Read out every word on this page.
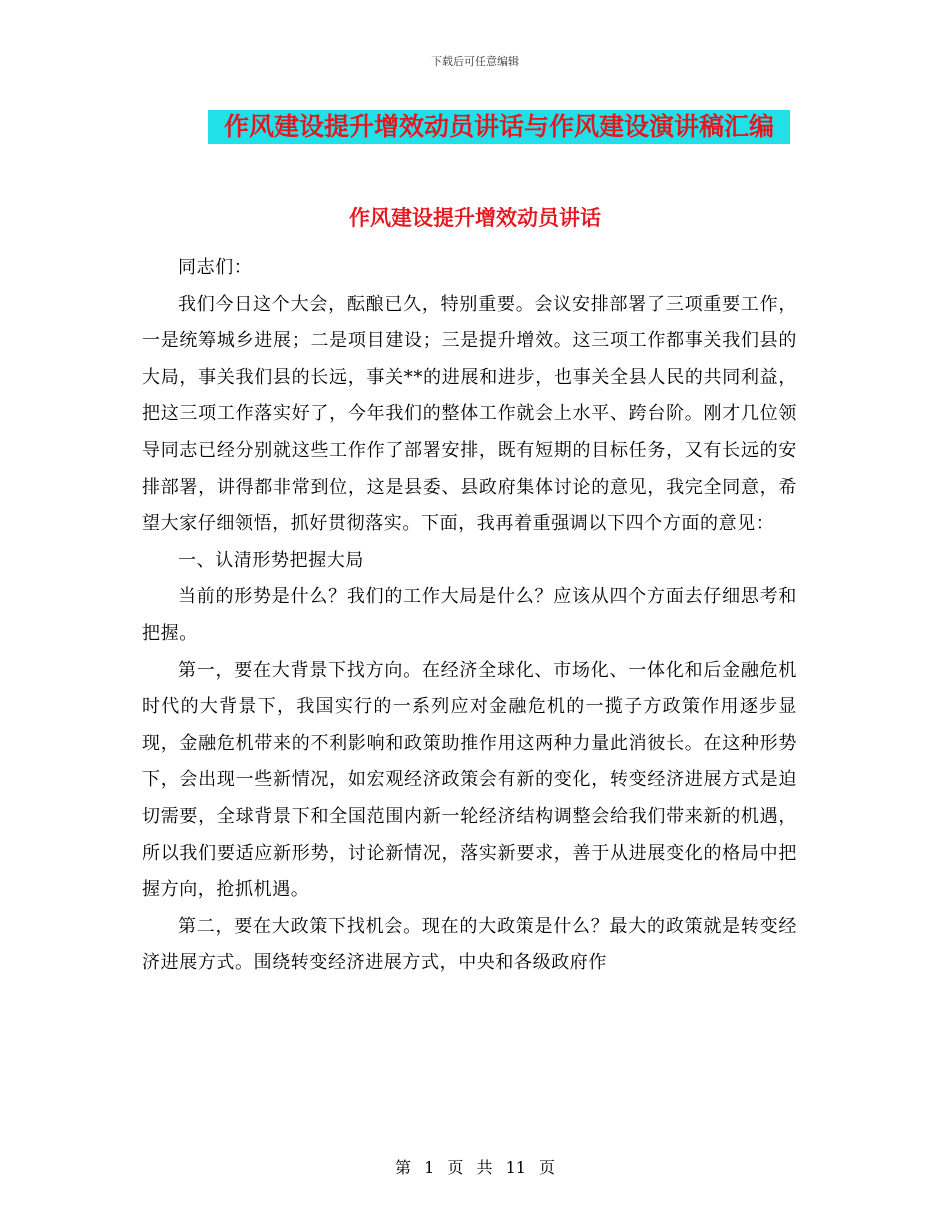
下载后可任意编辑
作风建设提升增效动员讲话与作风建设演讲稿汇编
作风建设提升增效动员讲话

同志们：

我们今日这个大会，酝酿已久，特别重要。会议安排部署了三项重要工作，一是统筹城乡进展；二是项目建设；三是提升增效。这三项工作都事关我们县的大局，事关我们县的长远，事关**的进展和进步，也事关全县人民的共同利益，把这三项工作落实好了，今年我们的整体工作就会上水平、跨台阶。刚才几位领导同志已经分别就这些工作作了部署安排，既有短期的目标任务，又有长远的安排部署，讲得都非常到位，这是县委、县政府集体讨论的意见，我完全同意，希望大家仔细领悟，抓好贯彻落实。下面，我再着重强调以下四个方面的意见：

一、认清形势把握大局

当前的形势是什么？我们的工作大局是什么？应该从四个方面去仔细思考和把握。

第一，要在大背景下找方向。在经济全球化、市场化、一体化和后金融危机时代的大背景下，我国实行的一系列应对金融危机的一揽子方政策作用逐步显现，金融危机带来的不利影响和政策助推作用这两种力量此消彼长。在这种形势下，会出现一些新情况，如宏观经济政策会有新的变化，转变经济进展方式是迫切需要，全球背景下和全国范围内新一轮经济结构调整会给我们带来新的机遇，所以我们要适应新形势，讨论新情况，落实新要求，善于从进展变化的格局中把握方向，抢抓机遇。

第二，要在大政策下找机会。现在的大政策是什么？最大的政策就是转变经济进展方式。围绕转变经济进展方式，中央和各级政府作

第 1 页 共 11 页
